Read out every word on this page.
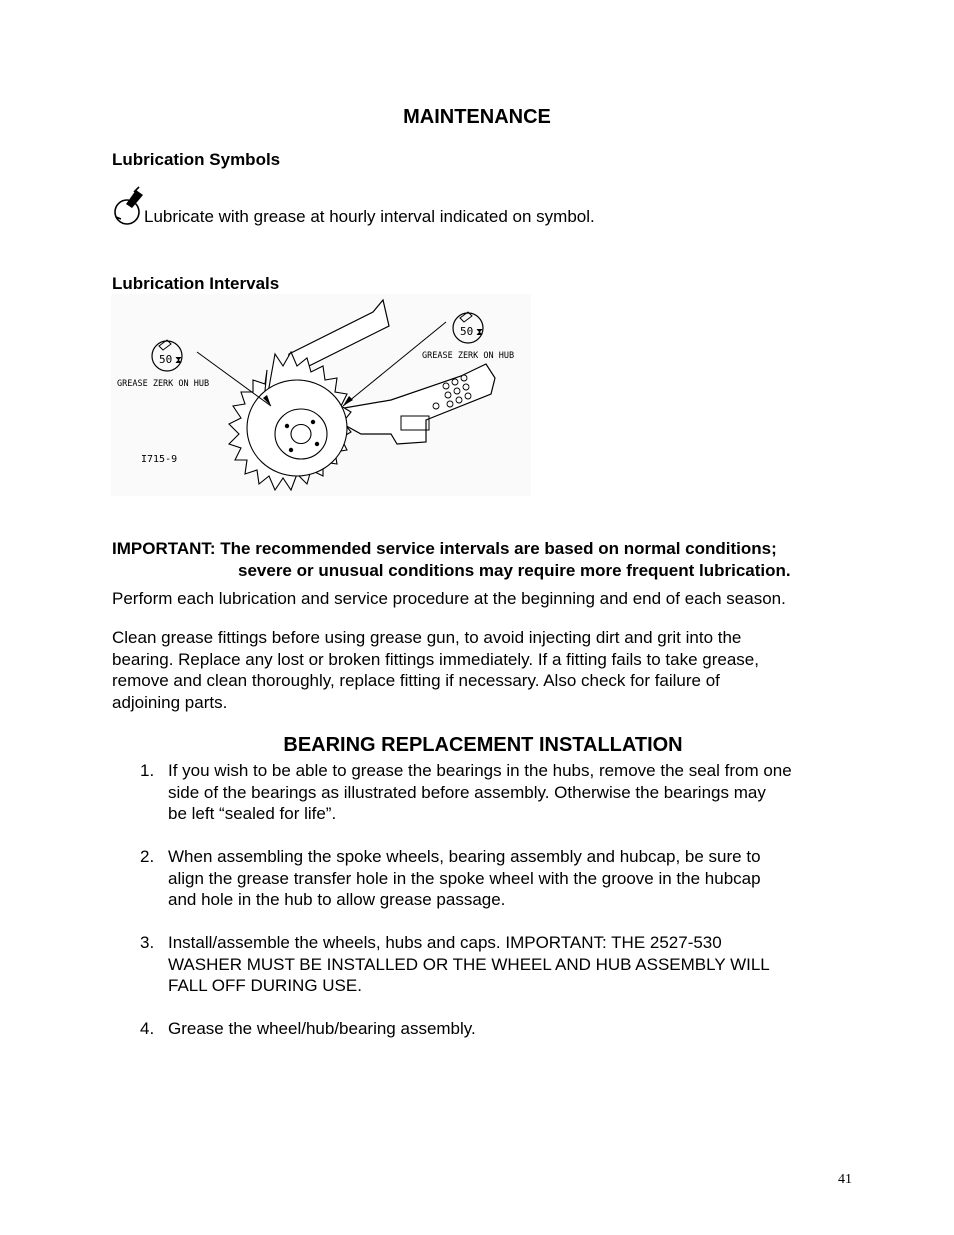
MAINTENANCE
Lubrication Symbols
Lubricate with grease at hourly interval indicated on symbol.
Lubrication Intervals
50 ⧗
GREASE ZERK ON HUB
50 ⧗
GREASE ZERK ON HUB
I715-9
IMPORTANT: The recommended service intervals are based on normal conditions;
severe or unusual conditions may require more frequent lubrication.
Perform each lubrication and service procedure at the beginning and end of each season.
Clean grease fittings before using grease gun, to avoid injecting dirt and grit into the
bearing. Replace any lost or broken fittings immediately. If a fitting fails to take grease,
remove and clean thoroughly, replace fitting if necessary. Also check for failure of
adjoining parts.
BEARING REPLACEMENT INSTALLATION
1. If you wish to be able to grease the bearings in the hubs, remove the seal from one
side of the bearings as illustrated before assembly. Otherwise the bearings may
be left “sealed for life”.
2. When assembling the spoke wheels, bearing assembly and hubcap, be sure to
align the grease transfer hole in the spoke wheel with the groove in the hubcap
and hole in the hub to allow grease passage.
3. Install/assemble the wheels, hubs and caps. IMPORTANT: THE 2527-530
WASHER MUST BE INSTALLED OR THE WHEEL AND HUB ASSEMBLY WILL
FALL OFF DURING USE.
4. Grease the wheel/hub/bearing assembly.
41
